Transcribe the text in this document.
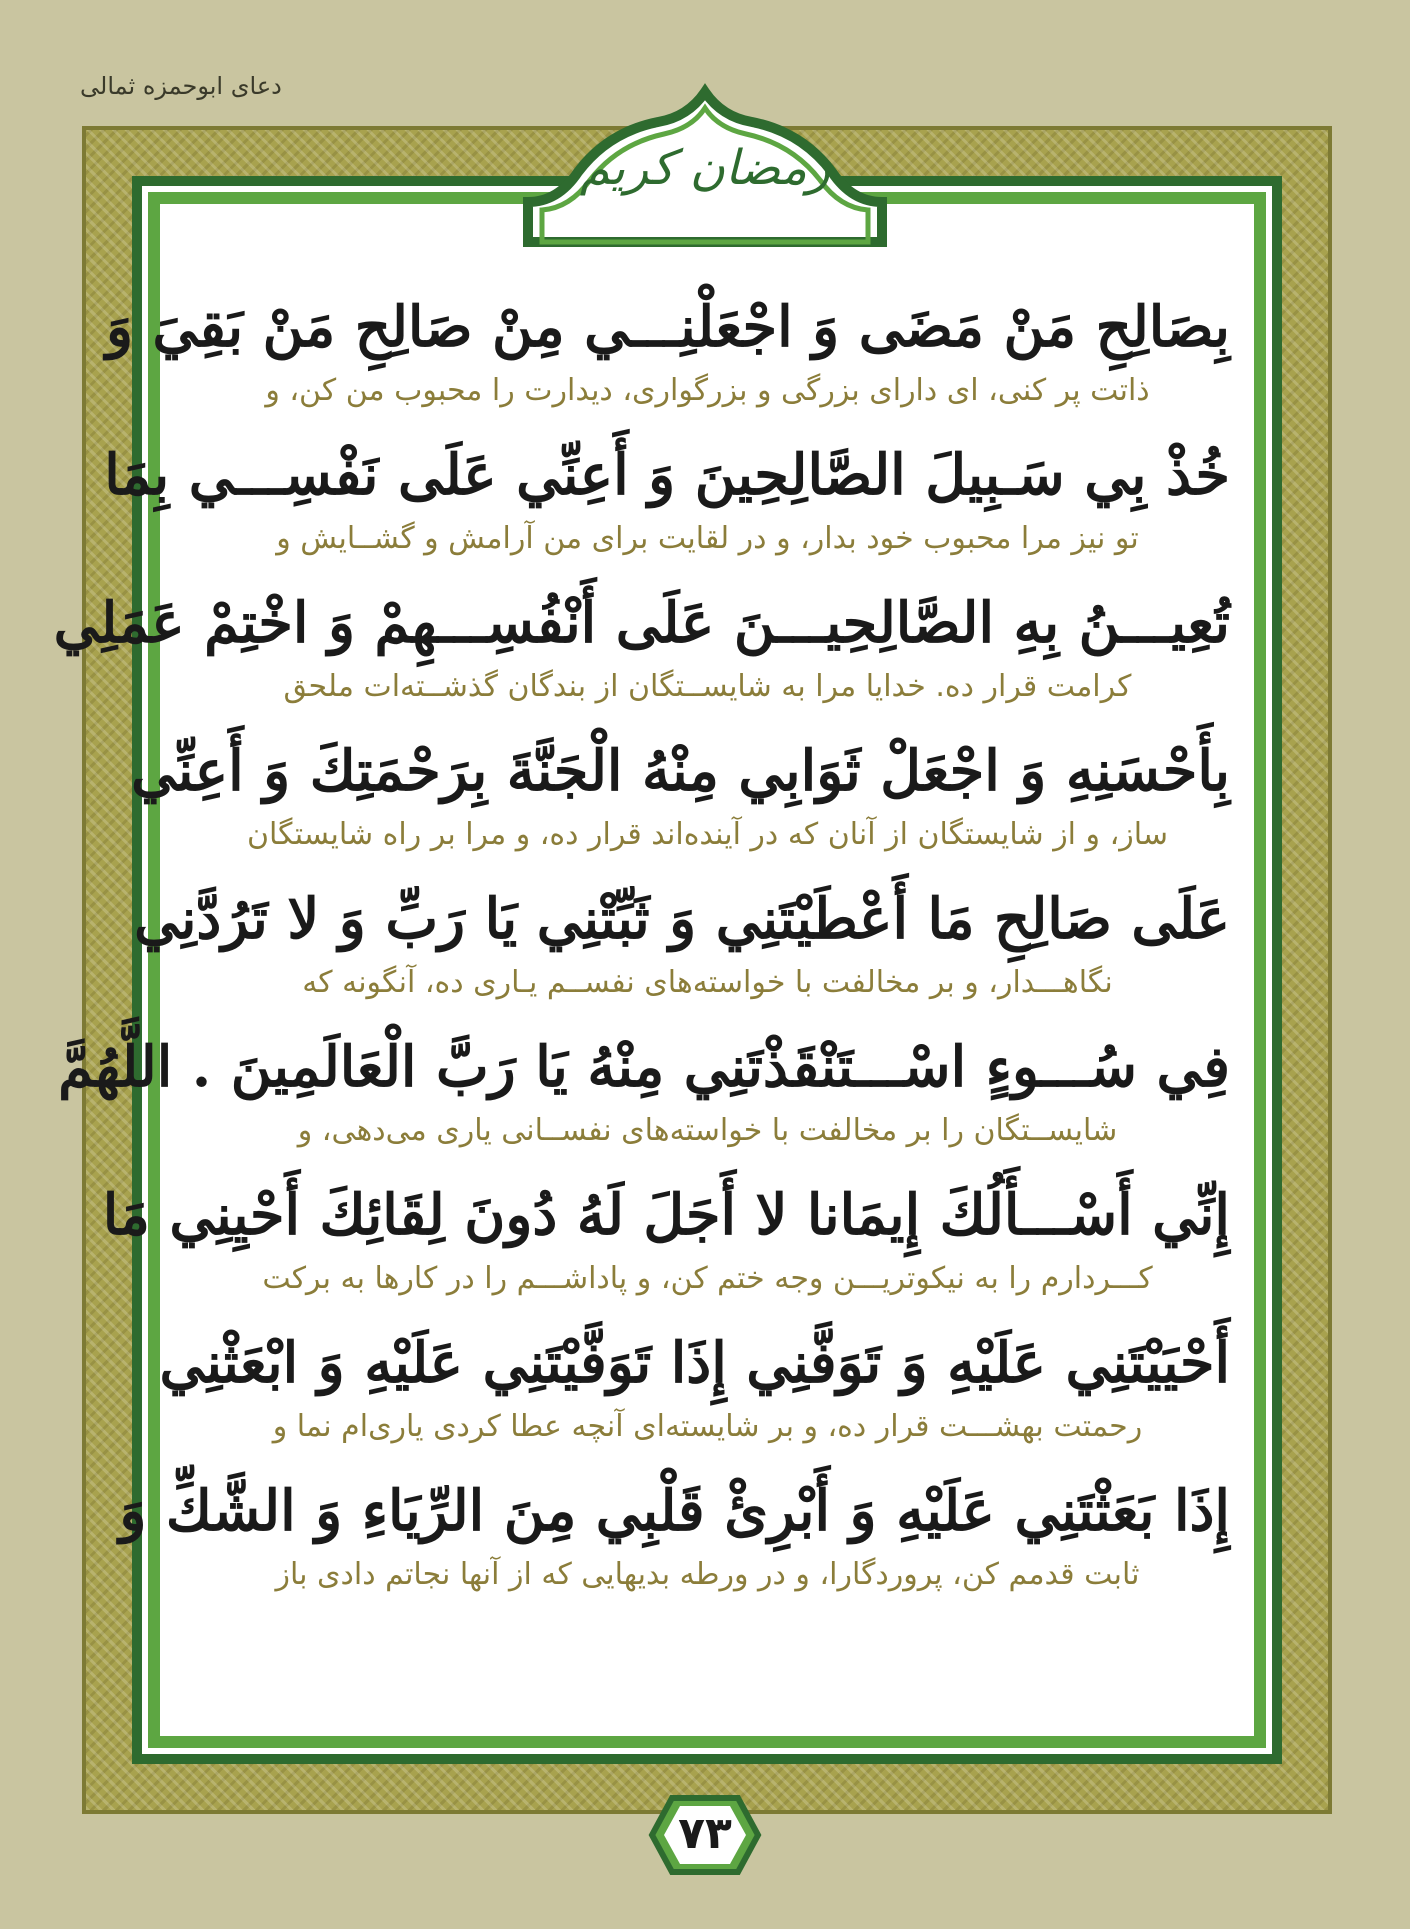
دعای ابوحمزه ثمالی
رمضان کریم
بِصَالِحِ مَنْ مَضَى وَ اجْعَلْنِـــي مِنْ صَالِحِ مَنْ بَقِيَ وَ
ذاتت پر کنی، ای دارای بزرگی و بزرگواری، دیدارت را محبوب من کن، و
خُذْ بِي سَـبِيلَ الصَّالِحِينَ وَ أَعِنِّي عَلَى نَفْسِـــي بِمَا
تو نیز مرا محبوب خود بدار، و در لقایت برای من آرامش و گشــایش و
تُعِيـــنُ بِهِ الصَّالِحِيـــنَ عَلَى أَنْفُسِـــهِمْ وَ اخْتِمْ عَمَلِي
کرامت قرار ده. خدایا مرا به شایســتگان از بندگان گذشــته‌ات ملحق
بِأَحْسَنِهِ وَ اجْعَلْ ثَوَابِي مِنْهُ الْجَنَّةَ بِرَحْمَتِكَ وَ أَعِنِّي
ساز، و از شایستگان از آنان که در آینده‌اند قرار ده، و مرا بر راه شایستگان
عَلَى صَالِحِ مَا أَعْطَيْتَنِي وَ ثَبِّتْنِي يَا رَبِّ وَ لا تَرُدَّنِي
نگاهـــدار، و بر مخالفت با خواسته‌های نفســم یـاری ده، آنگونه که
فِي سُـــوءٍ اسْـــتَنْقَذْتَنِي مِنْهُ يَا رَبَّ الْعَالَمِينَ . اللَّهُمَّ
شایســتگان را بر مخالفت با خواسته‌های نفســانی یاری می‌دهی، و
إِنِّي أَسْـــأَلُكَ إِيمَانا لا أَجَلَ لَهُ دُونَ لِقَائِكَ أَحْيِنِي مَا
کـــردارم را به نیکوتریـــن وجه ختم کن، و پاداشـــم را در کارها به برکت
أَحْيَيْتَنِي عَلَيْهِ وَ تَوَفَّنِي إِذَا تَوَفَّيْتَنِي عَلَيْهِ وَ ابْعَثْنِي
رحمتت بهشـــت قرار ده، و بر شایسته‌ای آنچه عطا کردی یاری‌ام نما و
إِذَا بَعَثْتَنِي عَلَيْهِ وَ أَبْرِئْ قَلْبِي مِنَ الرِّيَاءِ وَ الشَّكِّ وَ
ثابت قدمم کن، پروردگارا، و در ورطه بدیهایی که از آنها نجاتم دادی باز
۷۳
